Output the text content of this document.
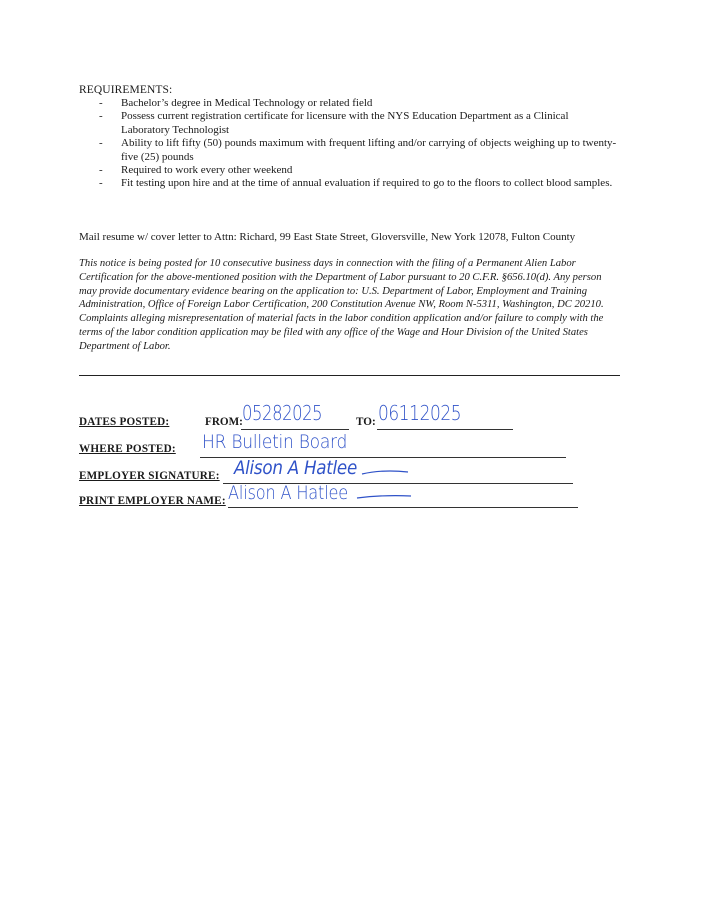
REQUIREMENTS:
- Bachelor’s degree in Medical Technology or related field
- Possess current registration certificate for licensure with the NYS Education Department as a Clinical Laboratory Technologist
- Ability to lift fifty (50) pounds maximum with frequent lifting and/or carrying of objects weighing up to twenty-five (25) pounds
- Required to work every other weekend
- Fit testing upon hire and at the time of annual evaluation if required to go to the floors to collect blood samples.
Mail resume w/ cover letter to Attn: Richard, 99 East State Street, Gloversville, New York 12078, Fulton County

This notice is being posted for 10 consecutive business days in connection with the filing of a Permanent Alien Labor Certification for the above-mentioned position with the Department of Labor pursuant to 20 C.F.R. §656.10(d). Any person may provide documentary evidence bearing on the application to: U.S. Department of Labor, Employment and Training Administration, Office of Foreign Labor Certification, 200 Constitution Avenue NW, Room N-5311, Washington, DC 20210. Complaints alleging misrepresentation of material facts in the labor condition application and/or failure to comply with the terms of the labor condition application may be filed with any office of the Wage and Hour Division of the United States Department of Labor.

DATES POSTED:	FROM: 05282025	TO: 06112025
WHERE POSTED: HR Bulletin Board
EMPLOYER SIGNATURE: Alison A Hatlee
PRINT EMPLOYER NAME: Alison A Hatlee
